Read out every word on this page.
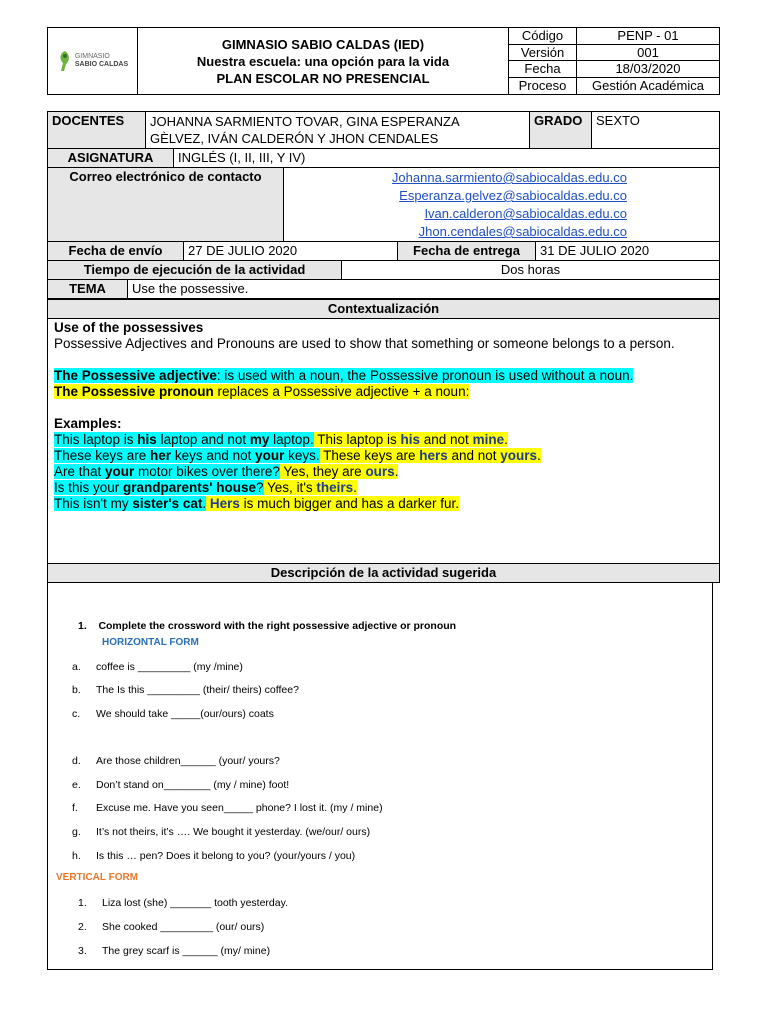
GIMNASIO
SABIO CALDAS
GIMNASIO SABIO CALDAS (IED)
Nuestra escuela: una opción para la vida
PLAN ESCOLAR NO PRESENCIAL
Código	PENP - 01
Versión	001
Fecha	18/03/2020
Proceso	Gestión Académica
DOCENTES	JOHANNA SARMIENTO TOVAR, GINA ESPERANZA
GÈLVEZ, IVÁN CALDERÓN Y JHON CENDALES
GRADO	SEXTO
ASIGNATURA	INGLÉS (I, II, III, Y IV)
Correo electrónico de contacto	Johanna.sarmiento@sabiocaldas.edu.co
Esperanza.gelvez@sabiocaldas.edu.co
Ivan.calderon@sabiocaldas.edu.co
Jhon.cendales@sabiocaldas.edu.co
Fecha de envío	27 DE JULIO 2020	Fecha de entrega	31 DE JULIO 2020
Tiempo de ejecución de la actividad	Dos horas
TEMA	Use the possessive.
Contextualización
Use of the possessives
Possessive Adjectives and Pronouns are used to show that something or someone belongs to a person.
The Possessive adjective: is used with a noun, the Possessive pronoun is used without a noun.
The Possessive pronoun replaces a Possessive adjective + a noun:
Examples:
This laptop is his laptop and not my laptop. This laptop is his and not mine.
These keys are her keys and not your keys. These keys are hers and not yours.
Are that your motor bikes over there? Yes, they are ours.
Is this your grandparents' house? Yes, it's theirs.
This isn't my sister's cat. Hers is much bigger and has a darker fur.
Descripción de la actividad sugerida
1. Complete the crossword with the right possessive adjective or pronoun
HORIZONTAL FORM
a.	coffee is _________ (my /mine)
b.	The Is this _________ (their/ theirs) coffee?
c.	We should take _____(our/ours) coats
d.	Are those children______ (your/ yours?
e.	Don’t stand on________ (my / mine) foot!
f.	Excuse me. Have you seen_____ phone? I lost it. (my / mine)
g.	It’s not theirs, it’s …. We bought it yesterday. (we/our/ ours)
h.	Is this … pen? Does it belong to you? (your/yours / you)
VERTICAL FORM
1.	Liza lost (she) _______ tooth yesterday.
2.	She cooked _________ (our/ ours)
3.	The grey scarf is ______ (my/ mine)
